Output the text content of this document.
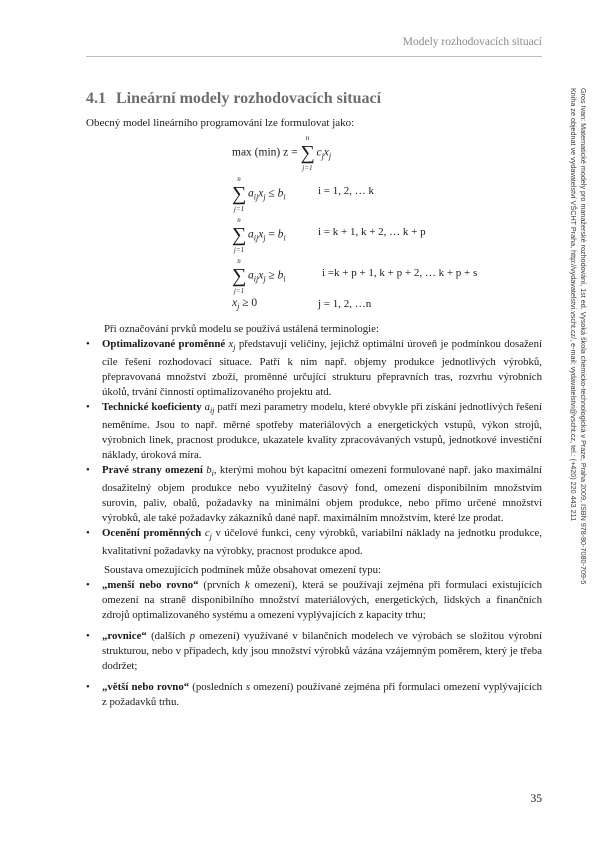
Modely rozhodovacích situací
4.1 Lineární modely rozhodovacích situací

Obecný model lineárního programování lze formulovat jako:

max (min) z =
n
∑
j=1
$c_jx_j$
n
∑
j=1
$a_{ij}x_j \le b_i$
i = 1, 2, … k
n
∑
j=1
$a_{ij}x_j = b_i$
i = k + 1, k + 2, … k + p
n
∑
j=1
$a_{ij}x_j \ge b_i$
i =k + p + 1, k + p + 2, … k + p + s
$x_j \ge 0$	j = 1, 2, …n

Při označování prvků modelu se používá ustálená terminologie:

• Optimalizované proměnné $x_j$ představují veličiny, jejichž optimální úroveň je podmínkou dosažení cíle řešení rozhodovací situace. Patří k nim např. objemy produkce jednotlivých výrobků, přepravovaná množství zboží, proměnné určující strukturu přepravních tras, rozvrhu výrobních úkolů, trvání činností optimalizovaného projektu atd.
• Technické koeficienty $a_{ij}$ patří mezi parametry modelu, které obvykle při získání jednotlivých řešení neměníme. Jsou to např. měrné spotřeby materiálových a energetických vstupů, výkon strojů, výrobních linek, pracnost produkce, ukazatele kvality zpracovávaných vstupů, jednotkové investiční náklady, úroková míra.
• Pravé strany omezení $b_i$, kterými mohou být kapacitní omezení formulované např. jako maximální dosažitelný objem produkce nebo využitelný časový fond, omezení disponibilním množstvím surovin, paliv, obalů, požadavky na minimální objem produkce, nebo přímo určené množství výrobků, ale také požadavky zákazníků dané např. maximálním množstvím, které lze prodat.
• Ocenění proměnných $c_j$ v účelové funkci, ceny výrobků, variabilní náklady na jednotku produkce, kvalitativní požadavky na výrobky, pracnost produkce apod.

Soustava omezujících podmínek může obsahovat omezení typu:

• „menší nebo rovno“ (prvních k omezení), která se používají zejména při formulaci existujících omezení na straně disponibilního množství materiálových, energetických, lidských a finančních zdrojů optimalizovaného systému a omezení vyplývajících z kapacity trhu;
• „rovnice“ (dalších p omezení) využívané v bilančních modelech ve výrobách se složitou výrobní strukturou, nebo v případech, kdy jsou množství výrobků vázána vzájemným poměrem, který je třeba dodržet;
• „větší nebo rovno“ (posledních s omezení) používané zejména při formulaci omezení vyplývajících z požadavků trhu.
35
Gros Ivan: Matematické modely pro manažerské rozhodování, 1st ed. Vysoká škola chemicko-technologická v Praze, Praha 2009, ISBN 978-80-7080-709-5
Kniha ze objednat ve vydavatelství VŠCHT Praha, http://vydavatelstvi.vscht.cz/, e-mail: vydavatelstvi@vscht.cz, tel.: (+420) 220 443 211
